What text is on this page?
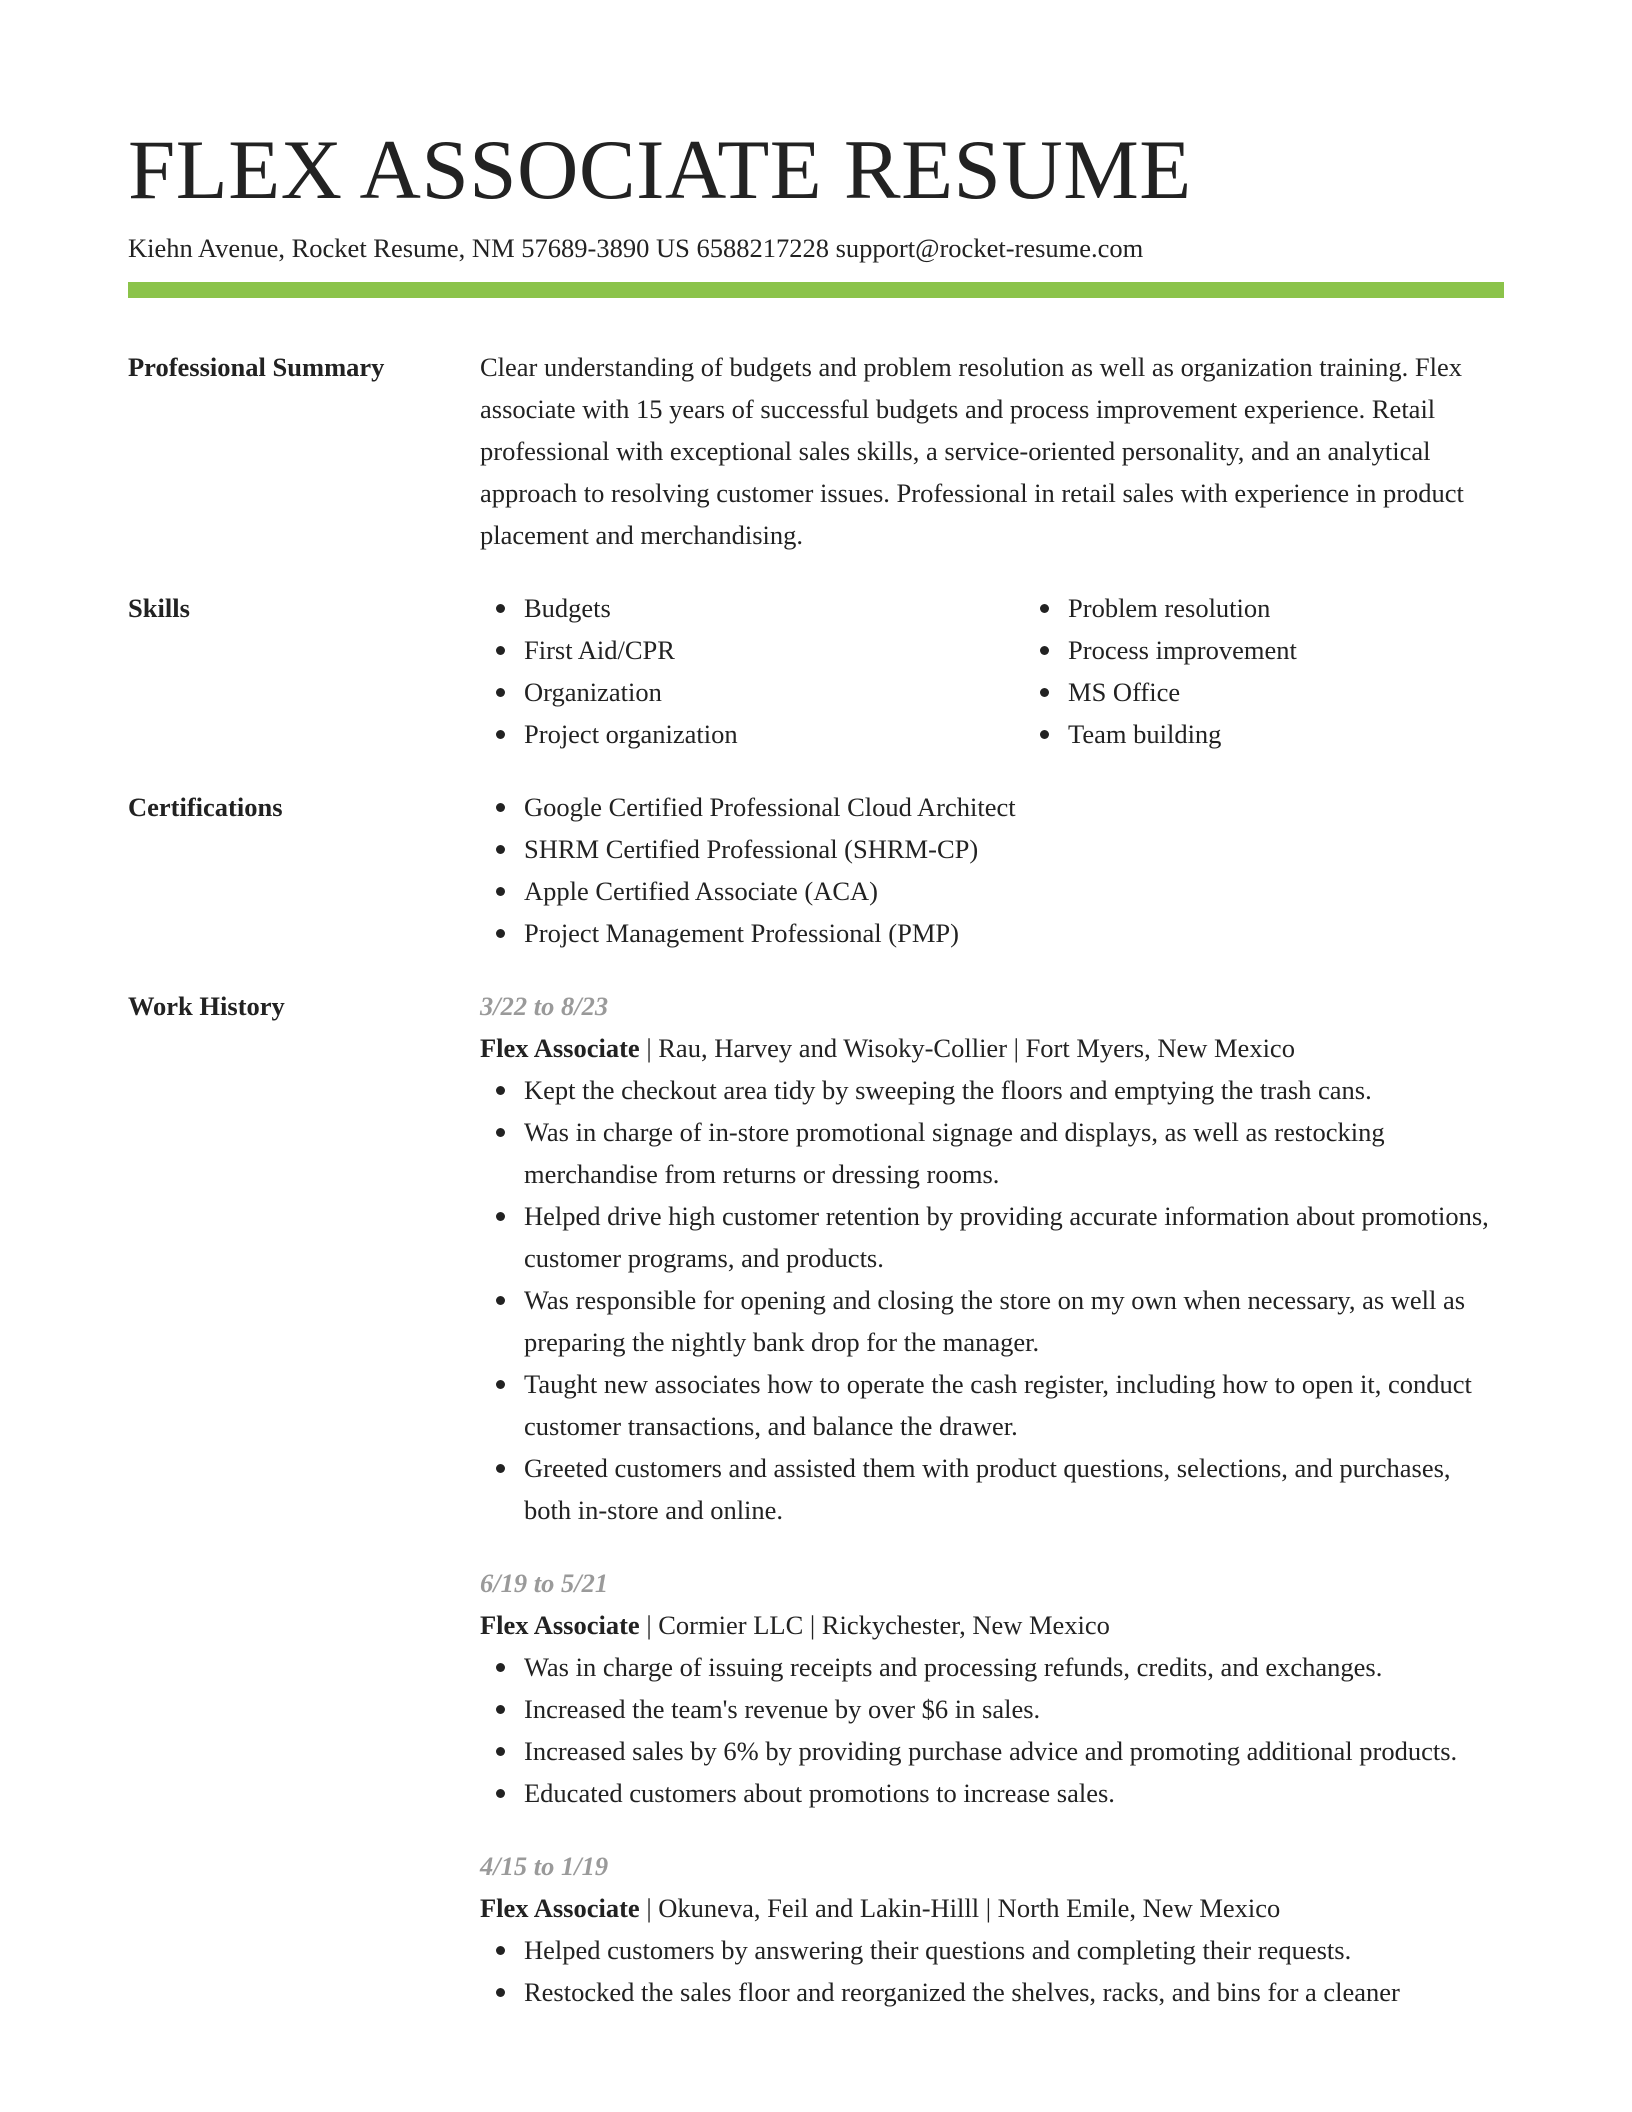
FLEX ASSOCIATE RESUME
Kiehn Avenue, Rocket Resume, NM 57689-3890 US 6588217228 support@rocket-resume.com
Professional Summary	Clear understanding of budgets and problem resolution as well as organization training. Flex associate with 15 years of successful budgets and process improvement experience. Retail professional with exceptional sales skills, a service-oriented personality, and an analytical approach to resolving customer issues. Professional in retail sales with experience in product placement and merchandising.

Skills	Budgets
First Aid/CPR
Organization
Project organization
Problem resolution
Process improvement
MS Office
Team building
Certifications	Google Certified Professional Cloud Architect
SHRM Certified Professional (SHRM-CP)
Apple Certified Associate (ACA)
Project Management Professional (PMP)
Work History	3/22 to 8/23
Flex Associate | Rau, Harvey and Wisoky-Collier | Fort Myers, New Mexico
Kept the checkout area tidy by sweeping the floors and emptying the trash cans.
Was in charge of in-store promotional signage and displays, as well as restocking merchandise from returns or dressing rooms.
Helped drive high customer retention by providing accurate information about promotions, customer programs, and products.
Was responsible for opening and closing the store on my own when necessary, as well as preparing the nightly bank drop for the manager.
Taught new associates how to operate the cash register, including how to open it, conduct customer transactions, and balance the drawer.
Greeted customers and assisted them with product questions, selections, and purchases, both in-store and online.
6/19 to 5/21
Flex Associate | Cormier LLC | Rickychester, New Mexico
Was in charge of issuing receipts and processing refunds, credits, and exchanges.
Increased the team's revenue by over $6 in sales.
Increased sales by 6% by providing purchase advice and promoting additional products.
Educated customers about promotions to increase sales.
4/15 to 1/19
Flex Associate | Okuneva, Feil and Lakin-Hilll | North Emile, New Mexico
Helped customers by answering their questions and completing their requests.
Restocked the sales floor and reorganized the shelves, racks, and bins for a cleaner
